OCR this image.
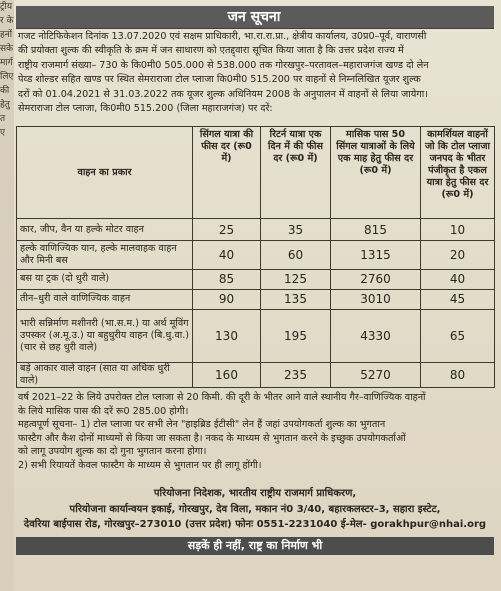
ट्रीय
र के
हनों
सके
मार्ग
लिए
की
हेतु
त
ए
जन सूचना
गजट नोटिफिकेशन दिनांक 13.07.2020 एवं सक्षम प्राधिकारी, भा.रा.रा.प्रा., क्षेत्रीय कार्यालय, उ0प्र0–पूर्व, वाराणसी
की प्रयोक्ता शुल्क की स्वीकृति के क्रम में जन साधारण को एतद्द्वारा सूचित किया जाता है कि उत्तर प्रदेश राज्य में
राष्ट्रीय राजमार्ग संख्या– 730 के कि0मी0 505.000 से 538.000 तक गोरखपुर–परतावल–महाराजगंज खण्ड दो लेन
पेव्ड शोल्डर सहित खण्ड पर स्थित सेमराराजा टोल प्लाजा कि0मी0 515.200 पर वाहनों से निम्नलिखित यूजर शुल्क
दरों को 01.04.2021 से 31.03.2022 तक यूजर शुल्क अधिनियम 2008 के अनुपालन में वाहनों से लिया जायेगा।
सेमराराजा टोल प्लाजा, कि0मी0 515.200 (जिला महाराजगंज) पर दरें:
वाहन का प्रकार	सिंगल यात्रा की फीस दर (रू0 में)	रिटर्न यात्रा एक दिन में की फीस दर (रू0 में)	मासिक पास 50 सिंगल यात्राओं के लिये एक माह हेतु फीस दर (रू0 में)	कामर्शियल वाहनों जो कि टोल प्लाजा जनपद के भीतर पंजीकृत है एकल यात्रा हेतु फीस दर (रू0 में)
कार, जीप, वैन या हल्के मोटर वाहन	25	35	815	10
हल्के वाणिज्यिक यान, हल्के मालवाहक वाहन और मिनी बस	40	60	1315	20
बस या ट्रक (दो धुरी वाले)	85	125	2760	40
तीन–धुरी वाले वाणिज्यिक वाहन	90	135	3010	45
भारी सन्निर्माण मशीनरी (भा.स.म.) या अर्थ मूविंग उपस्कर (अ.मू.उ.) या बहुधुरीय वाहन (बि.धु.वा.) (चार से छह धुरी वाले)	130	195	4330	65
बड़े आकार वाले वाहन (सात या अधिक धुरी वाले)	160	235	5270	80
वर्ष 2021–22 के लिये उपरोक्त टोल प्लाजा से 20 किमी. की दूरी के भीतर आने वाले स्थानीय गैर–वाणिज्यिक वाहनों
के लिये मासिक पास की दरें रू0 285.00 होगी।
महत्वपूर्ण सूचना– 1) टोल प्लाजा पर सभी लेन "हाइब्रिड ईटीसी" लेन हैं जहां उपयोगकर्ता शुल्क का भुगतान
फास्टैग और कैश दोनों माध्यमों से किया जा सकता है। नकद के माध्यम से भुगतान करने के इच्छुक उपयोगकर्ताओं
को लागू उपयोग शुल्क का दो गुना भुगतान करना होगा।
2) सभी रियायतें केवल फास्टैग के माध्यम से भुगतान पर ही लागू होंगी।
परियोजना निदेशक, भारतीय राष्ट्रीय राजमार्ग प्राधिकरण,
परियोजना कार्यान्वयन इकाई, गोरखपुर, देव विला, मकान नं0 3/40, बहारकलस्टर–3, सहारा इस्टेट,
देवरिया बाईपास रोड, गोरखपुर–273010 (उत्तर प्रदेश) फोनः 0551-2231040 ई-मेल- gorakhpur@nhai.org
सड़कें ही नहीं, राष्ट्र का निर्माण भी
